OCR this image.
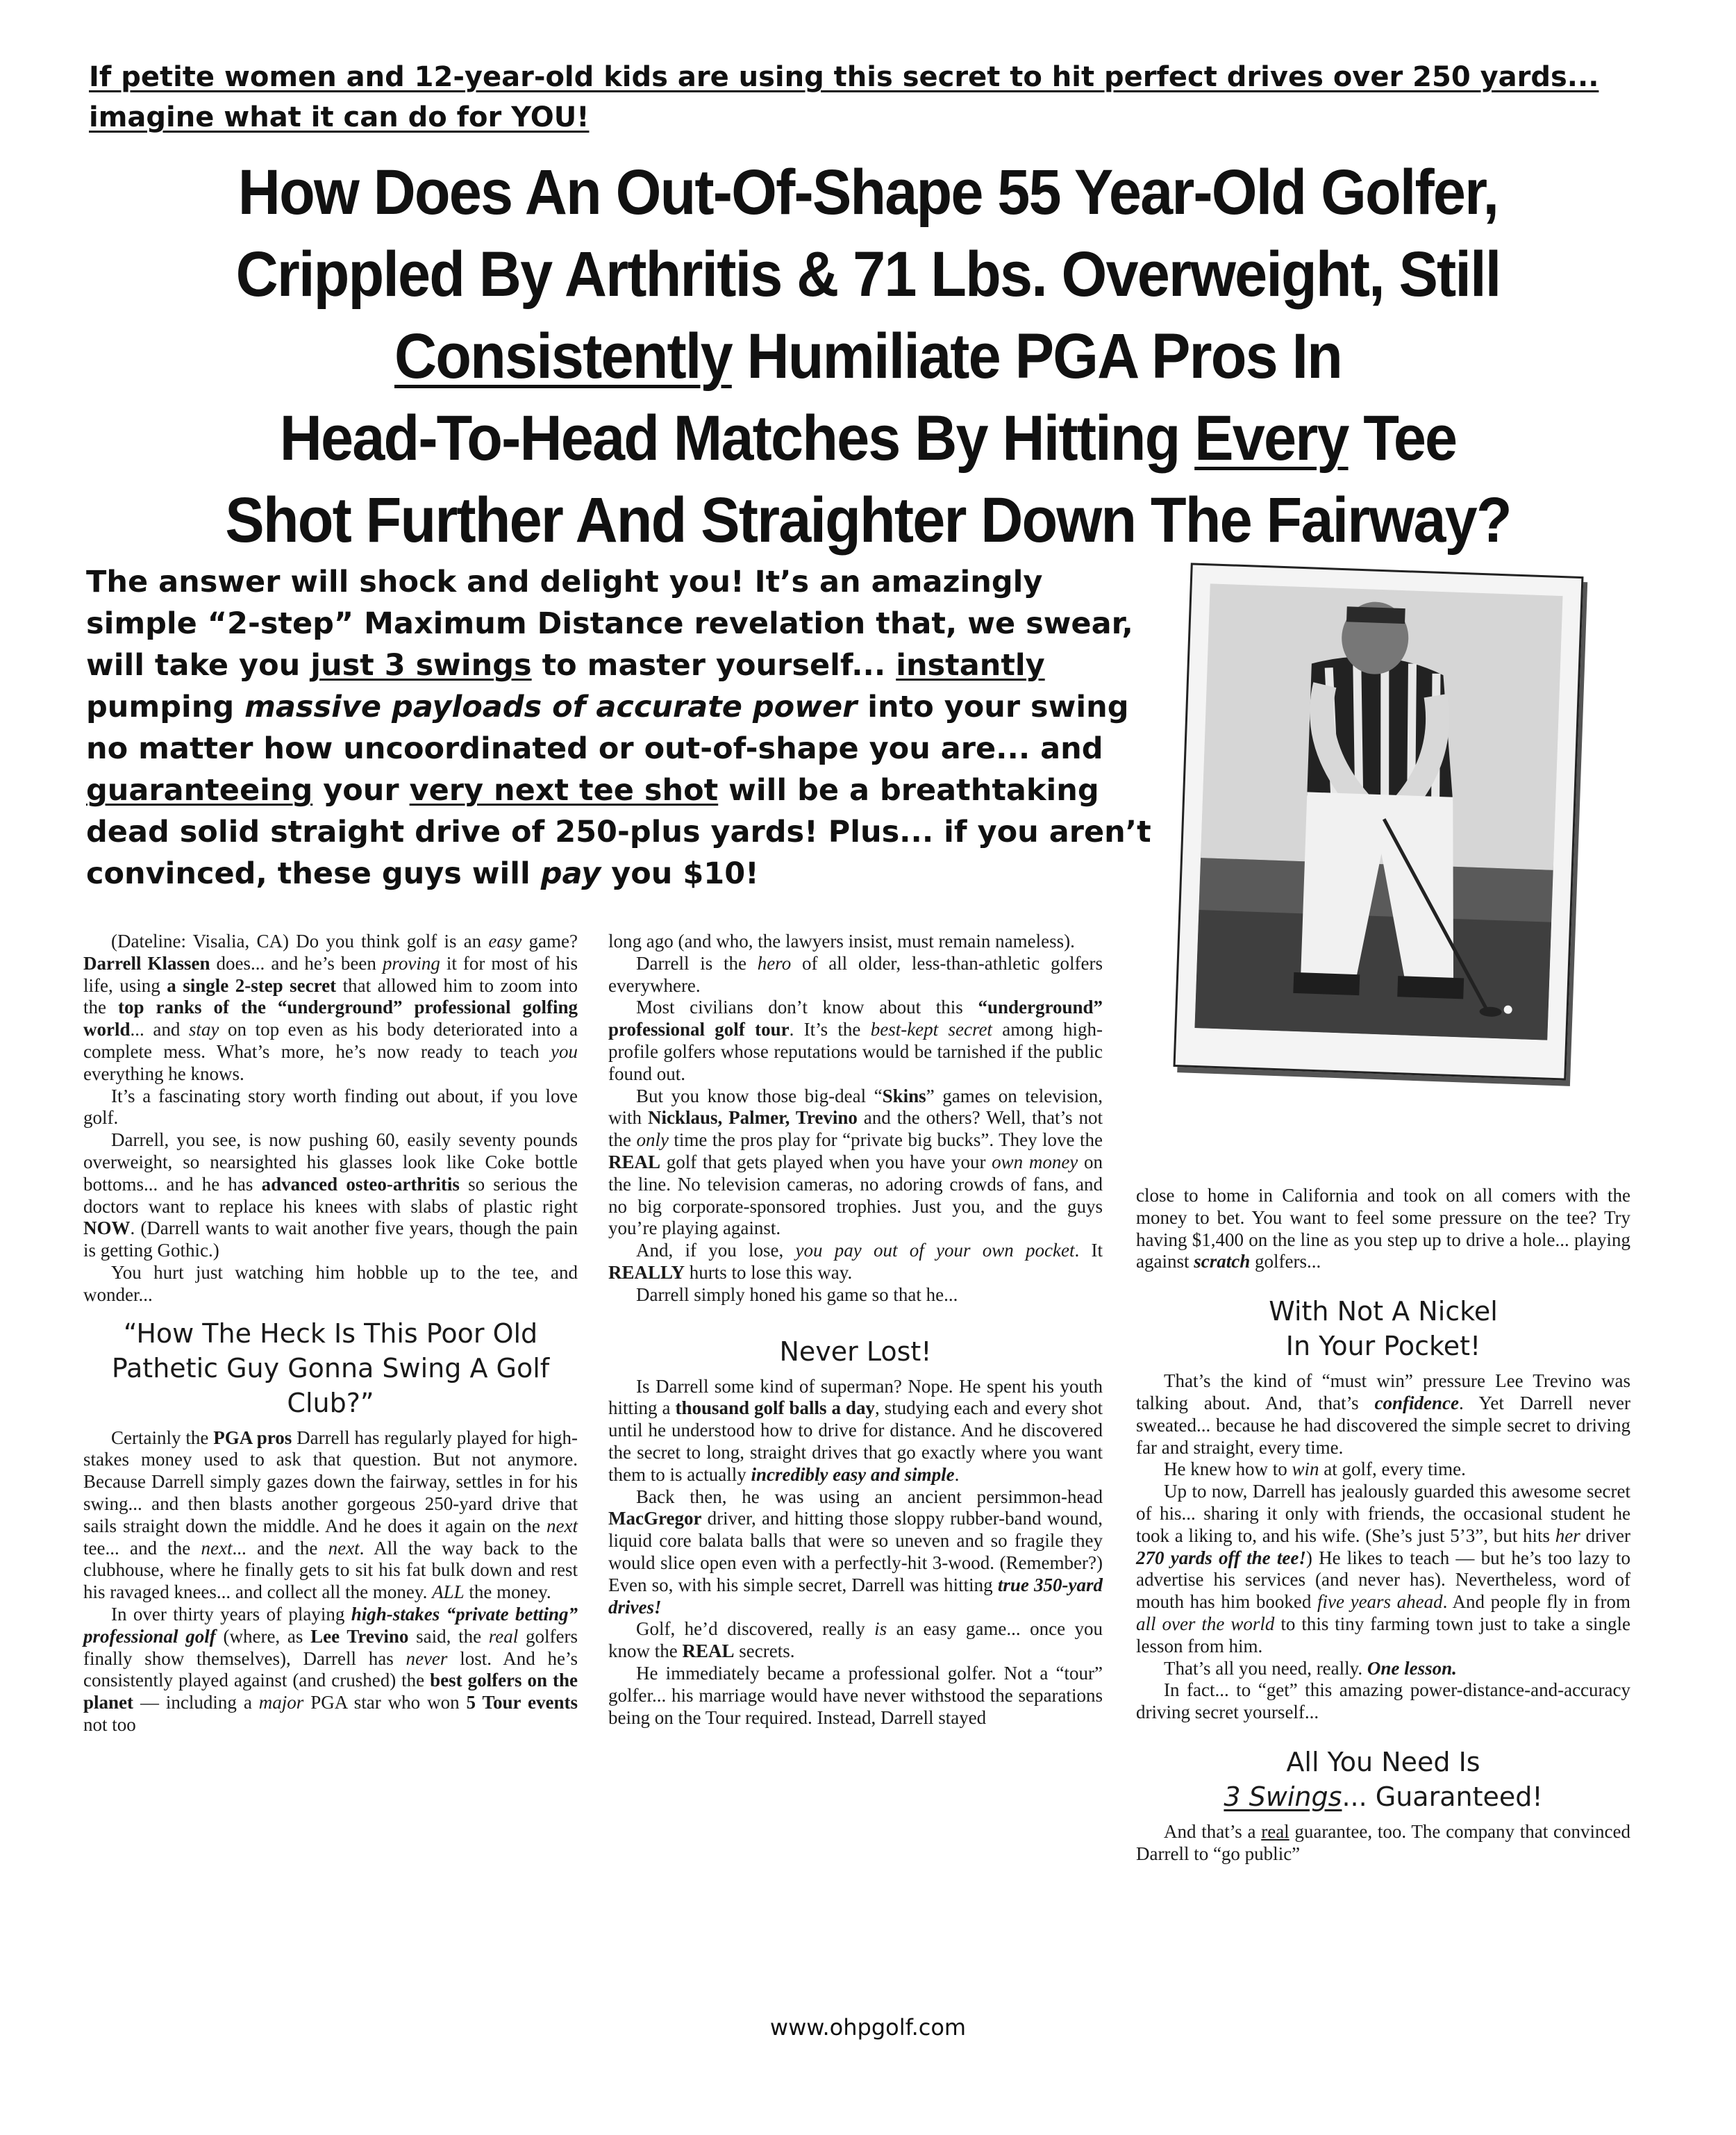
If petite women and 12-year-old kids are using this secret to hit perfect drives over 250 yards... imagine what it can do for YOU!
How Does An Out-Of-Shape 55 Year-Old Golfer,
Crippled By Arthritis & 71 Lbs. Overweight, Still
Consistently Humiliate PGA Pros In
Head-To-Head Matches By Hitting Every Tee
Shot Further And Straighter Down The Fairway?
The answer will shock and delight you! It’s an amazingly simple “2-step” Maximum Distance revelation that, we swear, will take you just 3 swings to master yourself... instantly pumping massive payloads of accurate power into your swing no matter how uncoordinated or out-of-shape you are... and guaranteeing your very next tee shot will be a breathtaking dead solid straight drive of 250-plus yards! Plus... if you aren’t convinced, these guys will pay you $10!

(Dateline: Visalia, CA) Do you think golf is an easy game? Darrell Klassen does... and he’s been proving it for most of his life, using a single 2-step secret that allowed him to zoom into the top ranks of the “underground” professional golfing world... and stay on top even as his body deteriorated into a complete mess. What’s more, he’s now ready to teach you everything he knows.

It’s a fascinating story worth finding out about, if you love golf.

Darrell, you see, is now pushing 60, easily seventy pounds overweight, so nearsighted his glasses look like Coke bottle bottoms... and he has advanced osteo-arthritis so serious the doctors want to replace his knees with slabs of plastic right NOW. (Darrell wants to wait another five years, though the pain is getting Gothic.)

You hurt just watching him hobble up to the tee, and wonder...

“How The Heck Is This Poor Old Pathetic Guy Gonna Swing A Golf Club?”

Certainly the PGA pros Darrell has regularly played for high-stakes money used to ask that question. But not anymore. Because Darrell simply gazes down the fairway, settles in for his swing... and then blasts another gorgeous 250-yard drive that sails straight down the middle. And he does it again on the next tee... and the next... and the next. All the way back to the clubhouse, where he finally gets to sit his fat bulk down and rest his ravaged knees... and collect all the money. ALL the money.

In over thirty years of playing high-stakes “private betting” professional golf (where, as Lee Trevino said, the real golfers finally show themselves), Darrell has never lost. And he’s consistently played against (and crushed) the best golfers on the planet — including a major PGA star who won 5 Tour events not too

long ago (and who, the lawyers insist, must remain nameless).

Darrell is the hero of all older, less-than-athletic golfers everywhere.

Most civilians don’t know about this “underground” professional golf tour. It’s the best-kept secret among high-profile golfers whose reputations would be tarnished if the public found out.

But you know those big-deal “Skins” games on television, with Nicklaus, Palmer, Trevino and the others? Well, that’s not the only time the pros play for “private big bucks”. They love the REAL golf that gets played when you have your own money on the line. No television cameras, no adoring crowds of fans, and no big corporate-sponsored trophies. Just you, and the guys you’re playing against.

And, if you lose, you pay out of your own pocket. It REALLY hurts to lose this way.

Darrell simply honed his game so that he...

Never Lost!

Is Darrell some kind of superman? Nope. He spent his youth hitting a thousand golf balls a day, studying each and every shot until he understood how to drive for distance. And he discovered the secret to long, straight drives that go exactly where you want them to is actually incredibly easy and simple.

Back then, he was using an ancient persimmon-head MacGregor driver, and hitting those sloppy rubber-band wound, liquid core balata balls that were so uneven and so fragile they would slice open even with a perfectly-hit 3-wood. (Remember?) Even so, with his simple secret, Darrell was hitting true 350-yard drives!

Golf, he’d discovered, really is an easy game... once you know the REAL secrets.

He immediately became a professional golfer. Not a “tour” golfer... his marriage would have never withstood the separations being on the Tour required. Instead, Darrell stayed

close to home in California and took on all comers with the money to bet. You want to feel some pressure on the tee? Try having $1,400 on the line as you step up to drive a hole... playing against scratch golfers...

With Not A Nickel
In Your Pocket!

That’s the kind of “must win” pressure Lee Trevino was talking about. And, that’s confidence. Yet Darrell never sweated... because he had discovered the simple secret to driving far and straight, every time.

He knew how to win at golf, every time.

Up to now, Darrell has jealously guarded this awesome secret of his... sharing it only with friends, the occasional student he took a liking to, and his wife. (She’s just 5’3”, but hits her driver 270 yards off the tee!) He likes to teach — but he’s too lazy to advertise his services (and never has). Nevertheless, word of mouth has him booked five years ahead. And people fly in from all over the world to this tiny farming town just to take a single lesson from him.

That’s all you need, really. One lesson.

In fact... to “get” this amazing power-distance-and-accuracy driving secret yourself...

All You Need Is
3 Swings... Guaranteed!

And that’s a real guarantee, too. The company that convinced Darrell to “go public”

www.ohpgolf.com
